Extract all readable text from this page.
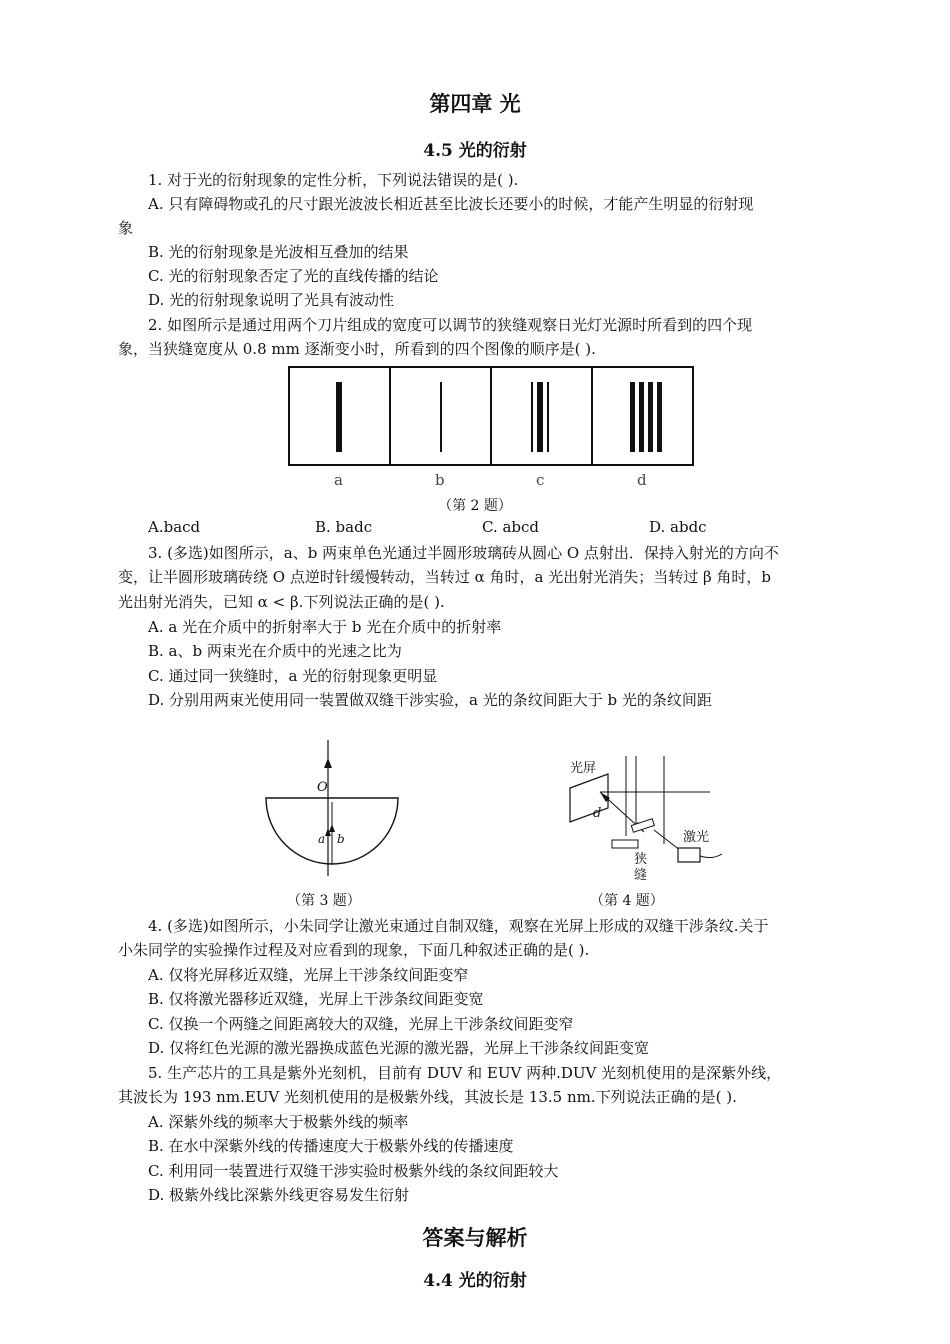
第四章 光
4.5 光的衍射
1. 对于光的衍射现象的定性分析，下列说法错误的是( ).
A. 只有障碍物或孔的尺寸跟光波波长相近甚至比波长还要小的时候，才能产生明显的衍射现
象
B. 光的衍射现象是光波相互叠加的结果
C. 光的衍射现象否定了光的直线传播的结论
D. 光的衍射现象说明了光具有波动性
2. 如图所示是通过用两个刀片组成的宽度可以调节的狭缝观察日光灯光源时所看到的四个现
象，当狭缝宽度从 0.8 mm 逐渐变小时，所看到的四个图像的顺序是( ).
a	b	c	d
（第 2 题）
A.bacd	B. badc	C. abcd	D. abdc
3. (多选)如图所示，a、b 两束单色光通过半圆形玻璃砖从圆心 O 点射出．保持入射光的方向不
变，让半圆形玻璃砖绕 O 点逆时针缓慢转动，当转过 α 角时，a 光出射光消失；当转过 β 角时，b
光出射光消失，已知 α < β.下列说法正确的是( ).
A. a 光在介质中的折射率大于 b 光在介质中的折射率
B. a、b 两束光在介质中的光速之比为
C. 通过同一狭缝时，a 光的衍射现象更明显
D. 分别用两束光使用同一装置做双缝干涉实验，a 光的条纹间距大于 b 光的条纹间距
O
a b
（第 3 题）
光屏
d
激光
狭
缝
（第 4 题）
4. (多选)如图所示，小朱同学让激光束通过自制双缝，观察在光屏上形成的双缝干涉条纹.关于
小朱同学的实验操作过程及对应看到的现象，下面几种叙述正确的是( ).
A. 仅将光屏移近双缝，光屏上干涉条纹间距变窄
B. 仅将激光器移近双缝，光屏上干涉条纹间距变宽
C. 仅换一个两缝之间距离较大的双缝，光屏上干涉条纹间距变窄
D. 仅将红色光源的激光器换成蓝色光源的激光器，光屏上干涉条纹间距变宽
5. 生产芯片的工具是紫外光刻机，目前有 DUV 和 EUV 两种.DUV 光刻机使用的是深紫外线，
其波长为 193 nm.EUV 光刻机使用的是极紫外线，其波长是 13.5 nm.下列说法正确的是( ).
A. 深紫外线的频率大于极紫外线的频率
B. 在水中深紫外线的传播速度大于极紫外线的传播速度
C. 利用同一装置进行双缝干涉实验时极紫外线的条纹间距较大
D. 极紫外线比深紫外线更容易发生衍射
答案与解析
4.4 光的衍射
